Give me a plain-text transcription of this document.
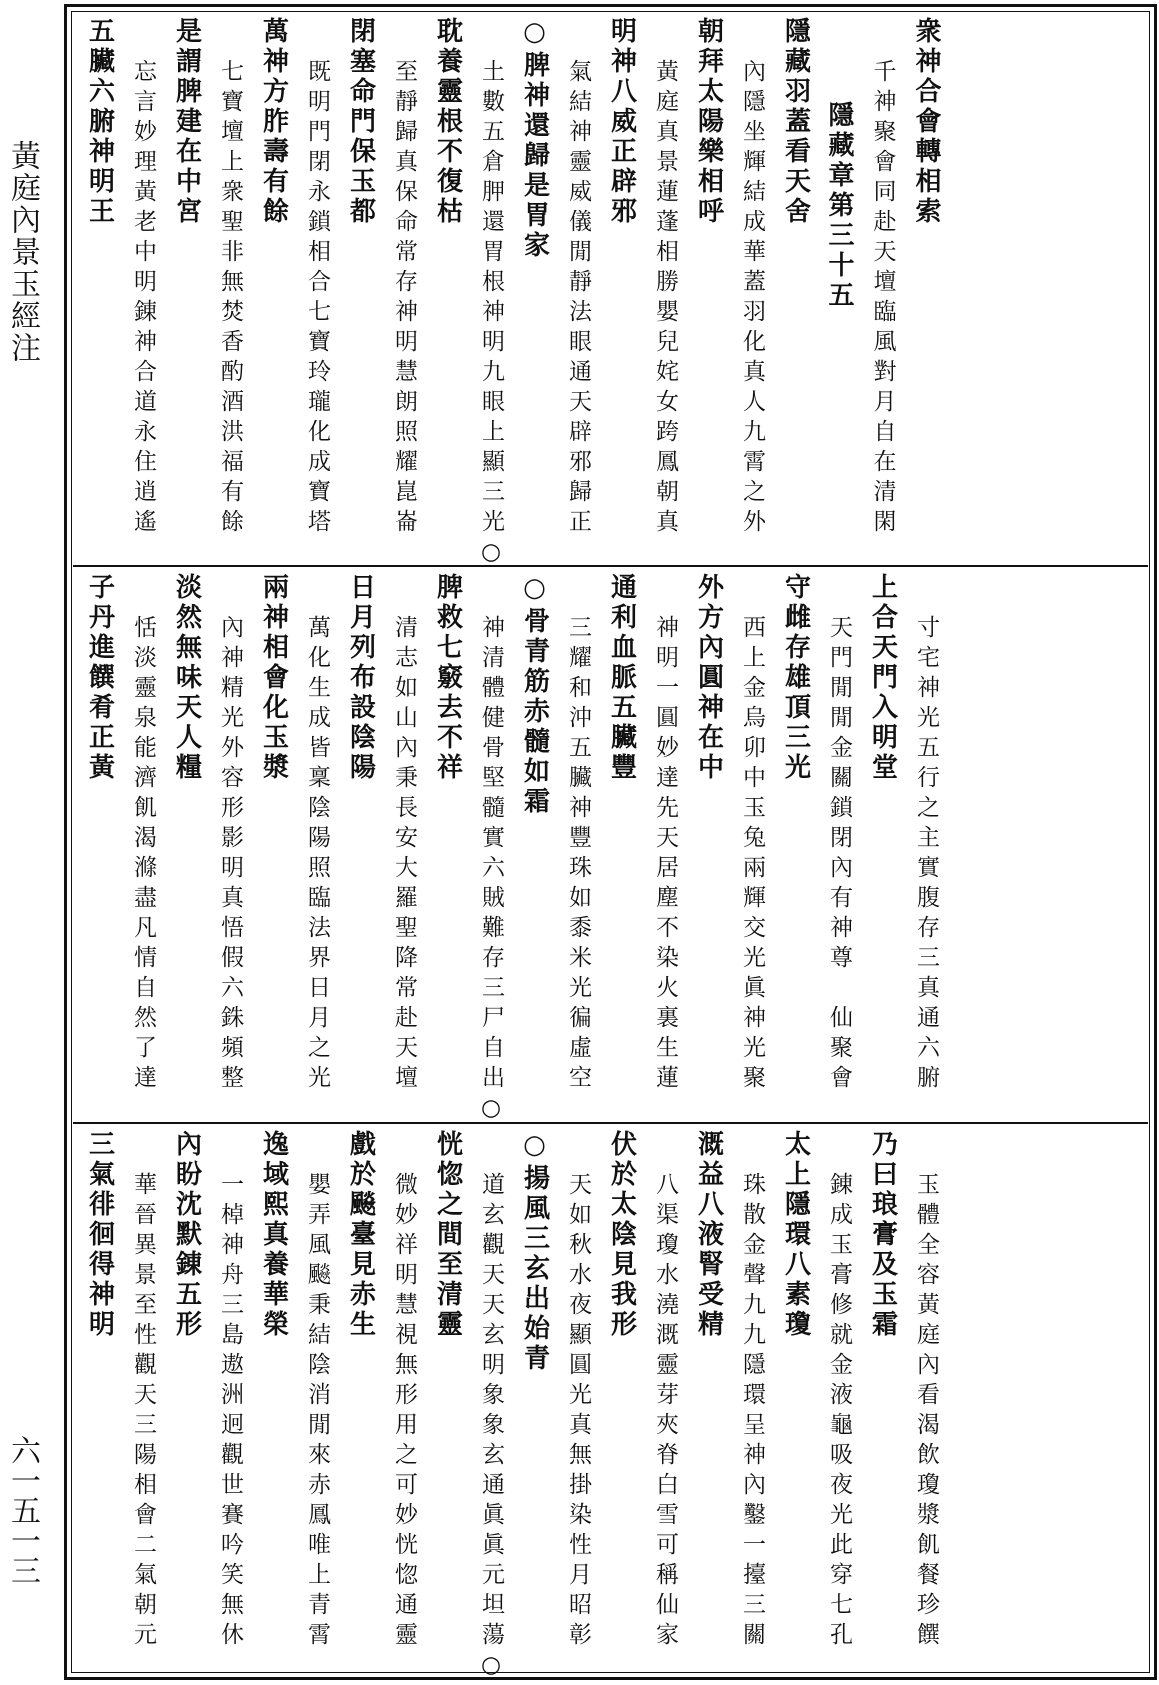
黃庭內景玉經注
六一五一三
衆神合會轉相索
千神聚會同赴天壇臨風對月自在清閑
隱藏章第三十五
隱藏羽蓋看天舍
內隱坐輝結成華蓋羽化真人九霄之外
朝拜太陽樂相呼
黃庭真景蓮蓬相勝嬰兒姹女跨鳳朝真
明神八威正辟邪
氣結神靈威儀閒靜法眼通天辟邪歸正
○脾神還歸是胃家
土數五倉胛還胃根神明九眼上顯三光○
耽養靈根不復枯
至靜歸真保命常存神明慧朗照耀崑崙
閉塞命門保玉都
既明門閉永鎖相合七寶玲瓏化成寶塔
萬神方胙壽有餘
七寶壇上衆聖非無焚香酌酒洪福有餘
是謂脾建在中宮
忘言妙理黃老中明錬神合道永住逍遙
五臟六腑神明王
寸宅神光五行之主實腹存三真通六腑
上合天門入明堂
天門閒閒金關鎖閉內有神尊　仙聚會
守雌存雄頂三光
西上金烏卯中玉兔兩輝交光眞神光聚
外方內圓神在中
神明一圓妙達先天居塵不染火裏生蓮
通利血脈五臟豐
三耀和沖五臟神豐珠如黍米光徧虛空
○骨青筋赤髓如霜
神清體健骨堅髓實六賊難存三尸自出○
脾救七竅去不祥
清志如山內秉長安大羅聖降常赴天壇
日月列布設陰陽
萬化生成皆稟陰陽照臨法界日月之光
兩神相會化玉漿
內神精光外容形影明真悟假六銖頻整
淡然無味天人糧
恬淡靈泉能濟飢渴滌盡凡情自然了達
子丹進饌肴正黃
玉體全容黃庭內看渴飲瓊漿飢餐珍饌
乃曰琅膏及玉霜
錬成玉膏修就金液龜吸夜光此穿七孔
太上隱環八素瓊
珠散金聲九九隱環呈神內鑿一擡三關
溉益八液腎受精
八渠瓊水澆溉靈芽夾脊白雪可稱仙家
伏於太陰見我形
天如秋水夜顯圓光真無掛染性月昭彰
○揚風三玄出始青
道玄觀天天玄明象象玄通眞眞元坦蕩○
恍惚之間至清靈
微妙祥明慧視無形用之可妙恍惚通靈
戲於飈臺見赤生
嬰弄風飈秉結陰消閒來赤鳳唯上青霄
逸域熙真養華榮
一棹神舟三島遨洲迥觀世賽吟笑無休
內盼沈默錬五形
華晉異景至性觀天三陽相會二氣朝元
三氣徘徊得神明
